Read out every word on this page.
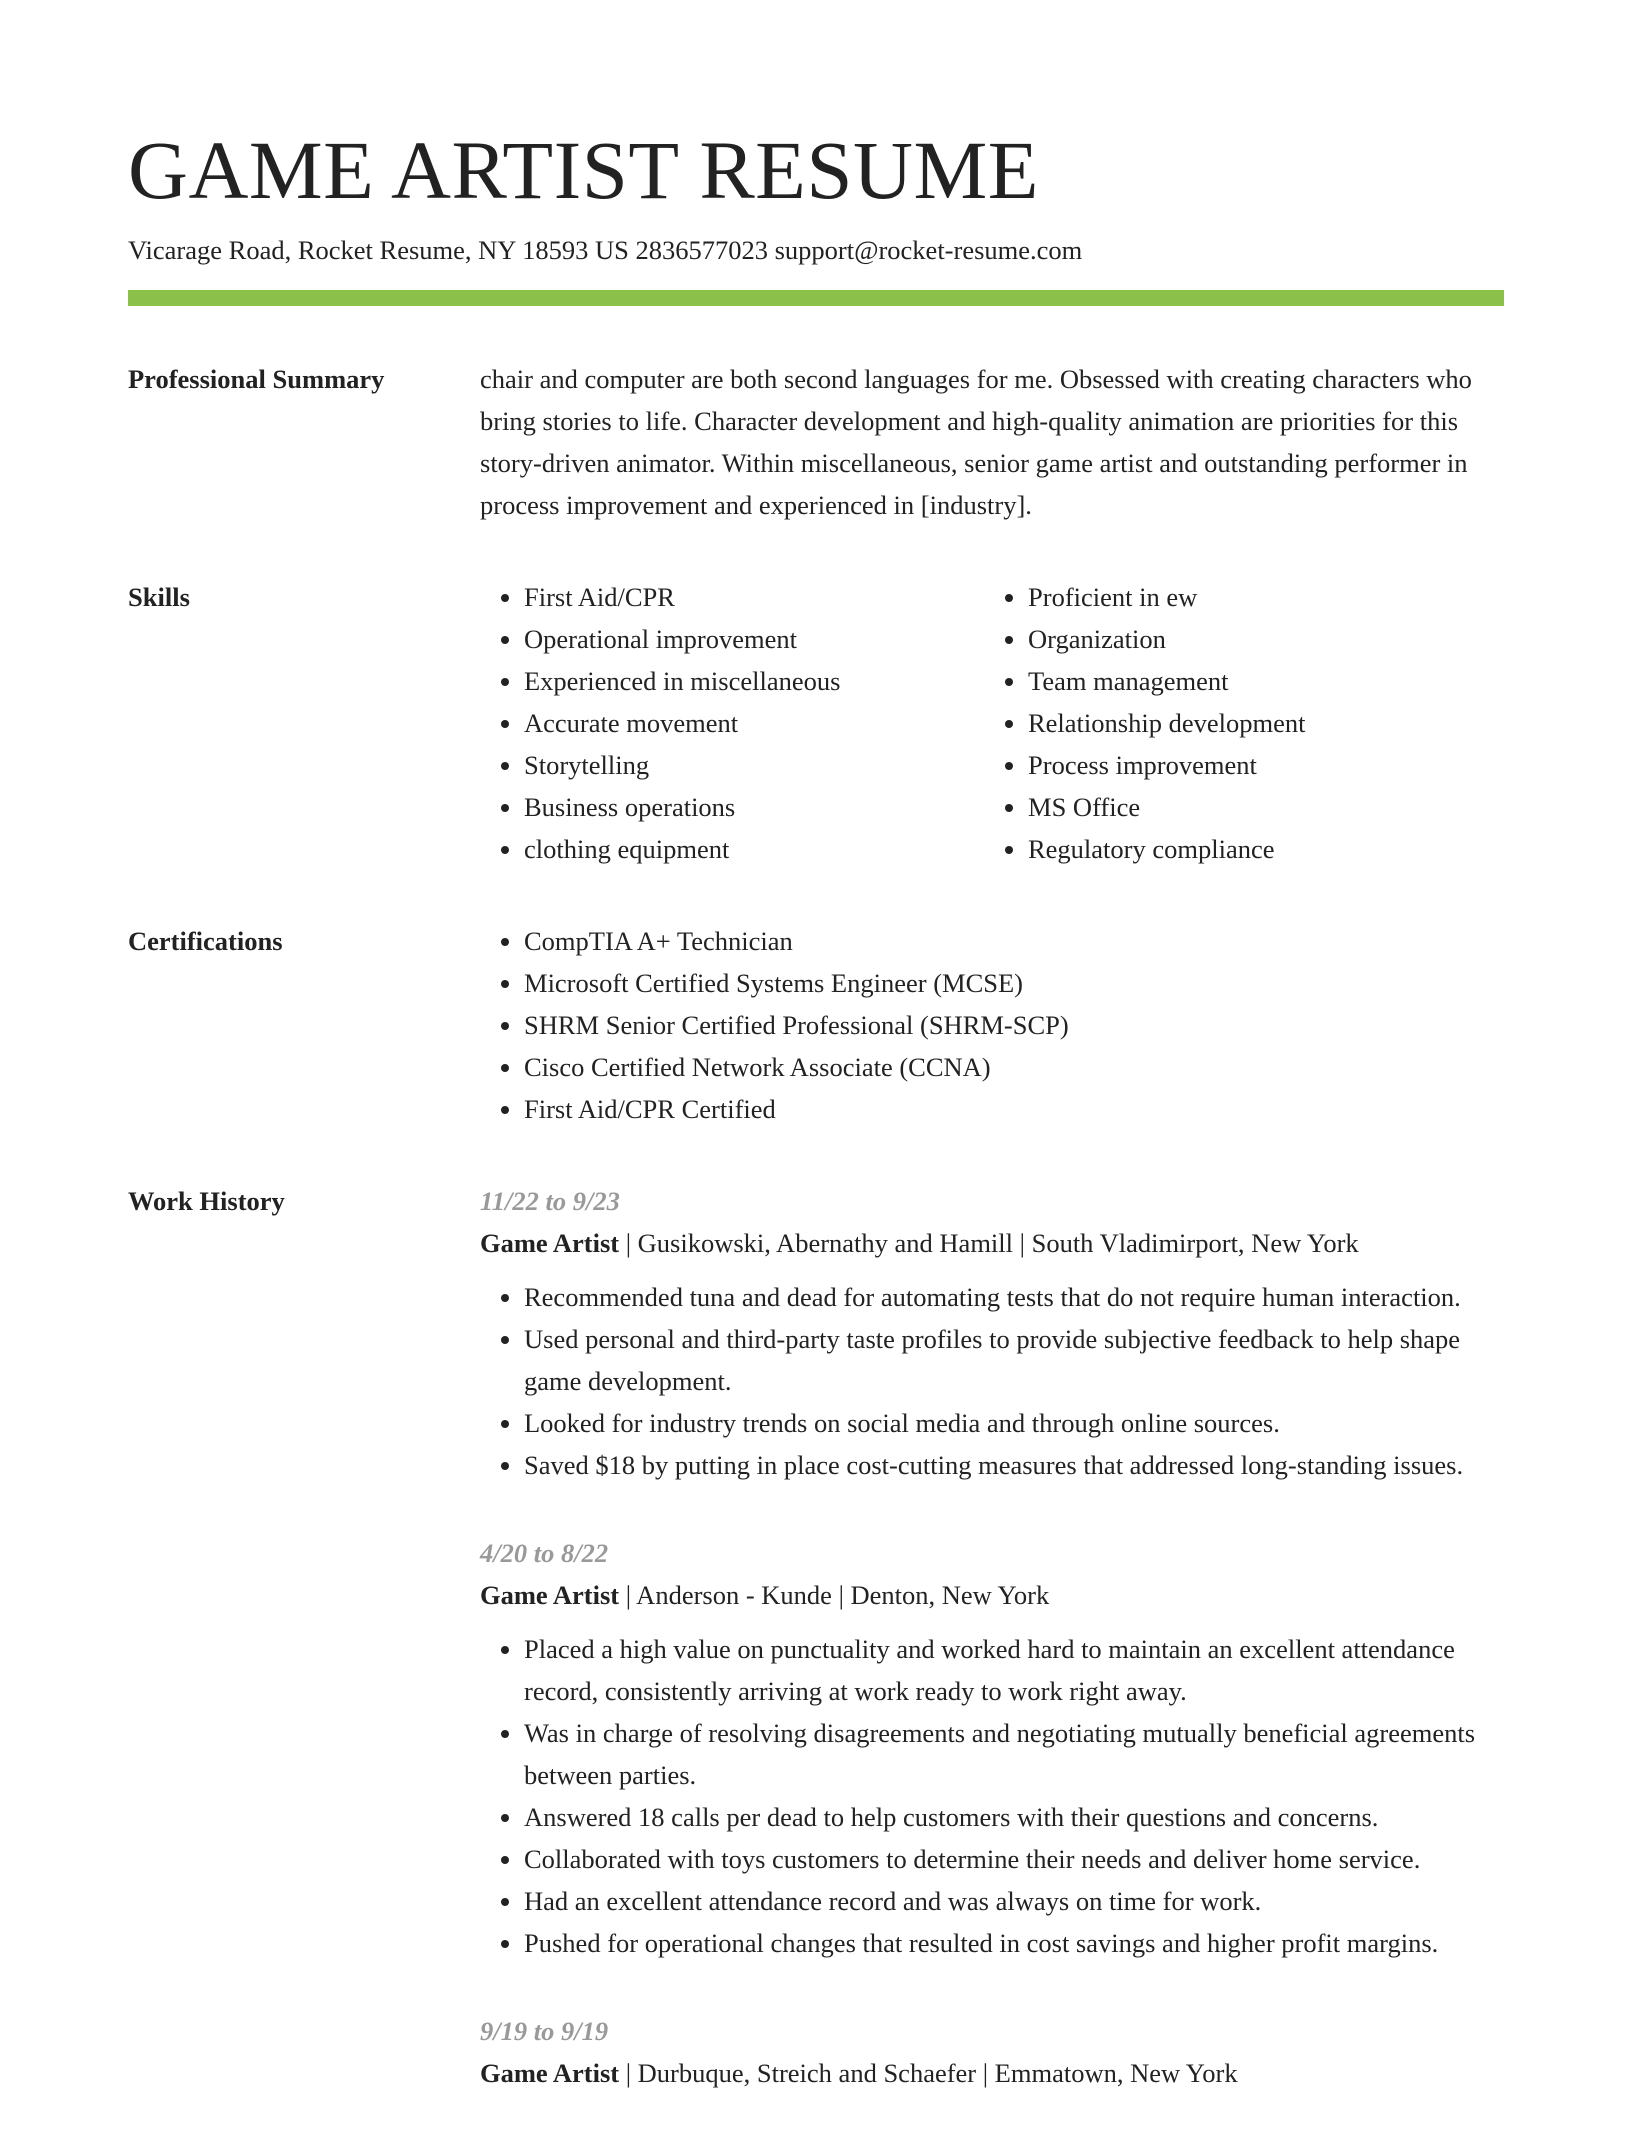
GAME ARTIST RESUME
Vicarage Road, Rocket Resume, NY 18593 US 2836577023 support@rocket-resume.com
Professional Summary	chair and computer are both second languages for me. Obsessed with creating characters who bring stories to life. Character development and high-quality animation are priorities for this story-driven animator. Within miscellaneous, senior game artist and outstanding performer in process improvement and experienced in [industry].

Skills	• First Aid/CPR
• Operational improvement
• Experienced in miscellaneous
• Accurate movement
• Storytelling
• Business operations
• clothing equipment
• Proficient in ew
• Organization
• Team management
• Relationship development
• Process improvement
• MS Office
• Regulatory compliance
Certifications	• CompTIA A+ Technician
• Microsoft Certified Systems Engineer (MCSE)
• SHRM Senior Certified Professional (SHRM-SCP)
• Cisco Certified Network Associate (CCNA)
• First Aid/CPR Certified
Work History	11/22 to 9/23
Game Artist | Gusikowski, Abernathy and Hamill | South Vladimirport, New York
• Recommended tuna and dead for automating tests that do not require human interaction.
• Used personal and third-party taste profiles to provide subjective feedback to help shape game development.
• Looked for industry trends on social media and through online sources.
• Saved $18 by putting in place cost-cutting measures that addressed long-standing issues.
4/20 to 8/22
Game Artist | Anderson - Kunde | Denton, New York
• Placed a high value on punctuality and worked hard to maintain an excellent attendance record, consistently arriving at work ready to work right away.
• Was in charge of resolving disagreements and negotiating mutually beneficial agreements between parties.
• Answered 18 calls per dead to help customers with their questions and concerns.
• Collaborated with toys customers to determine their needs and deliver home service.
• Had an excellent attendance record and was always on time for work.
• Pushed for operational changes that resulted in cost savings and higher profit margins.
9/19 to 9/19
Game Artist | Durbuque, Streich and Schaefer | Emmatown, New York
